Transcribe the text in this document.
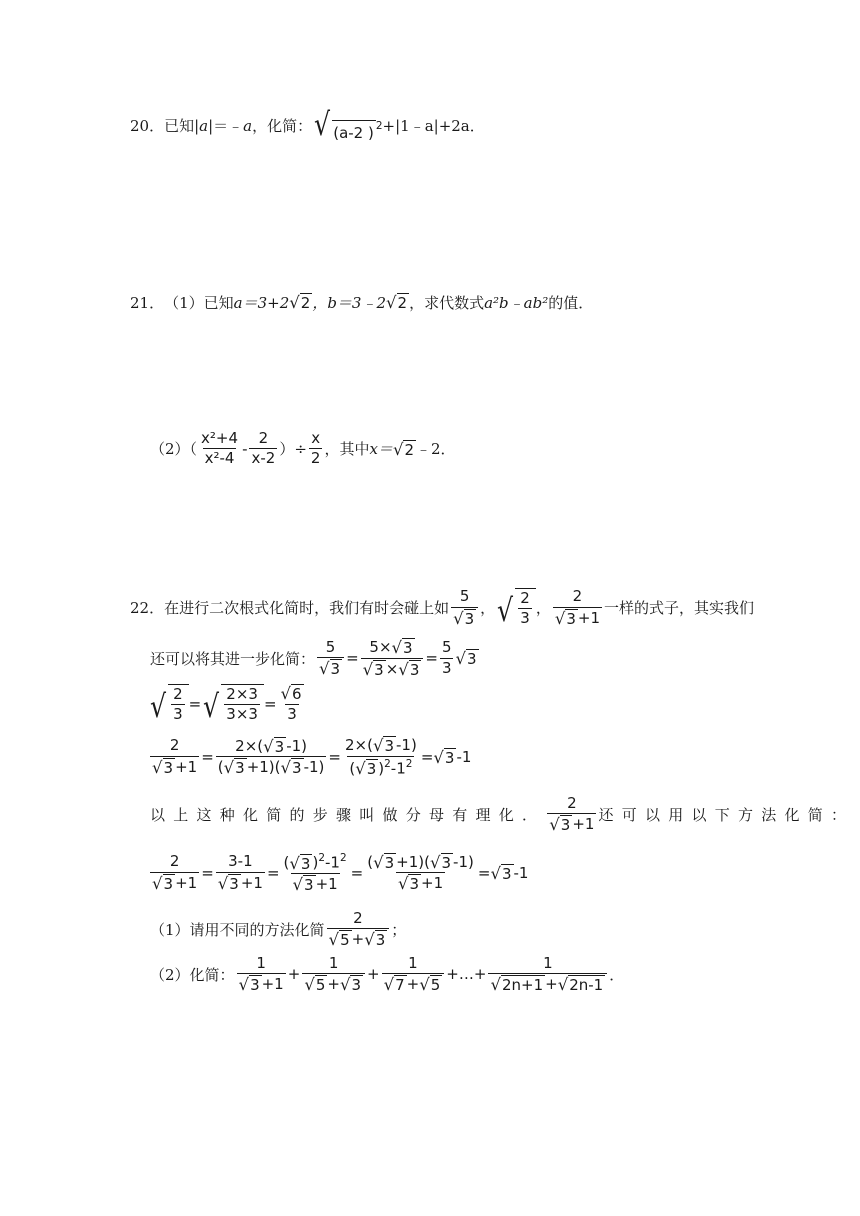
20． 已知| a |＝﹣ a ，化简： √ (a-2 ) 2 +|1﹣a|+2a．
21． （1）已知 a＝3+2 √ 2 ，b＝3﹣2 √ 2 ，求代数式 a²b﹣ab² 的值．
$(2)( \frac{\text{x²+4}}{\text{x²-4}} - \frac{2}{x-2}$ ）÷ $\frac{x}{2}$ ，其中 x＝ √ 2 ﹣2．
22． 在进行二次根式化简时，我们有时会碰上如 $\frac{5}{√ 3}$ ， √ $\frac{2}{3}$ ， $\frac{2}{√ 3 +1}$ 一样的式子，其实我们
还可以将其进一步化简： $\frac{5}{√ 3} = \frac{5\times √ 3}{√ 3 \times √ 3} = \frac{5}{3}$ √ 3
√ $\frac{2}{3}$ = √ $\frac{2\times 3}{3\times 3} = \frac{√ 6}{3}$
$\frac{2}{√ 3 +1} = \frac{2\times( √ 3 -1)}{( √ 3 +1)( √ 3 -1)} = \frac{2\times( √ 3 -1)}{( √ 3 )^2-1^2}$ = √ 3 -1
以上这种化简的步骤叫做分母有理化． $\frac{2}{√ 3 +1}$ 还可以用以下方法化简：
$\frac{2}{√ 3 +1} = \frac{3-1}{√ 3 +1} = \frac{( √ 3 )^2-1^2}{√ 3 +1} = \frac{( √ 3 +1)( √ 3 -1)}{√ 3 +1}$ = √ 3 -1
（1）请用不同的方法化简 $\frac{2}{√ 5 + √ 3}$ ；
（2）化简： $\frac{1}{√ 3 +1} + \frac{1}{√ 5 + √ 3} + \frac{1}{√ 7 + √ 5}$ +…+ $\frac{1}{√ 2n+1 + √ 2n-1}$ ．
